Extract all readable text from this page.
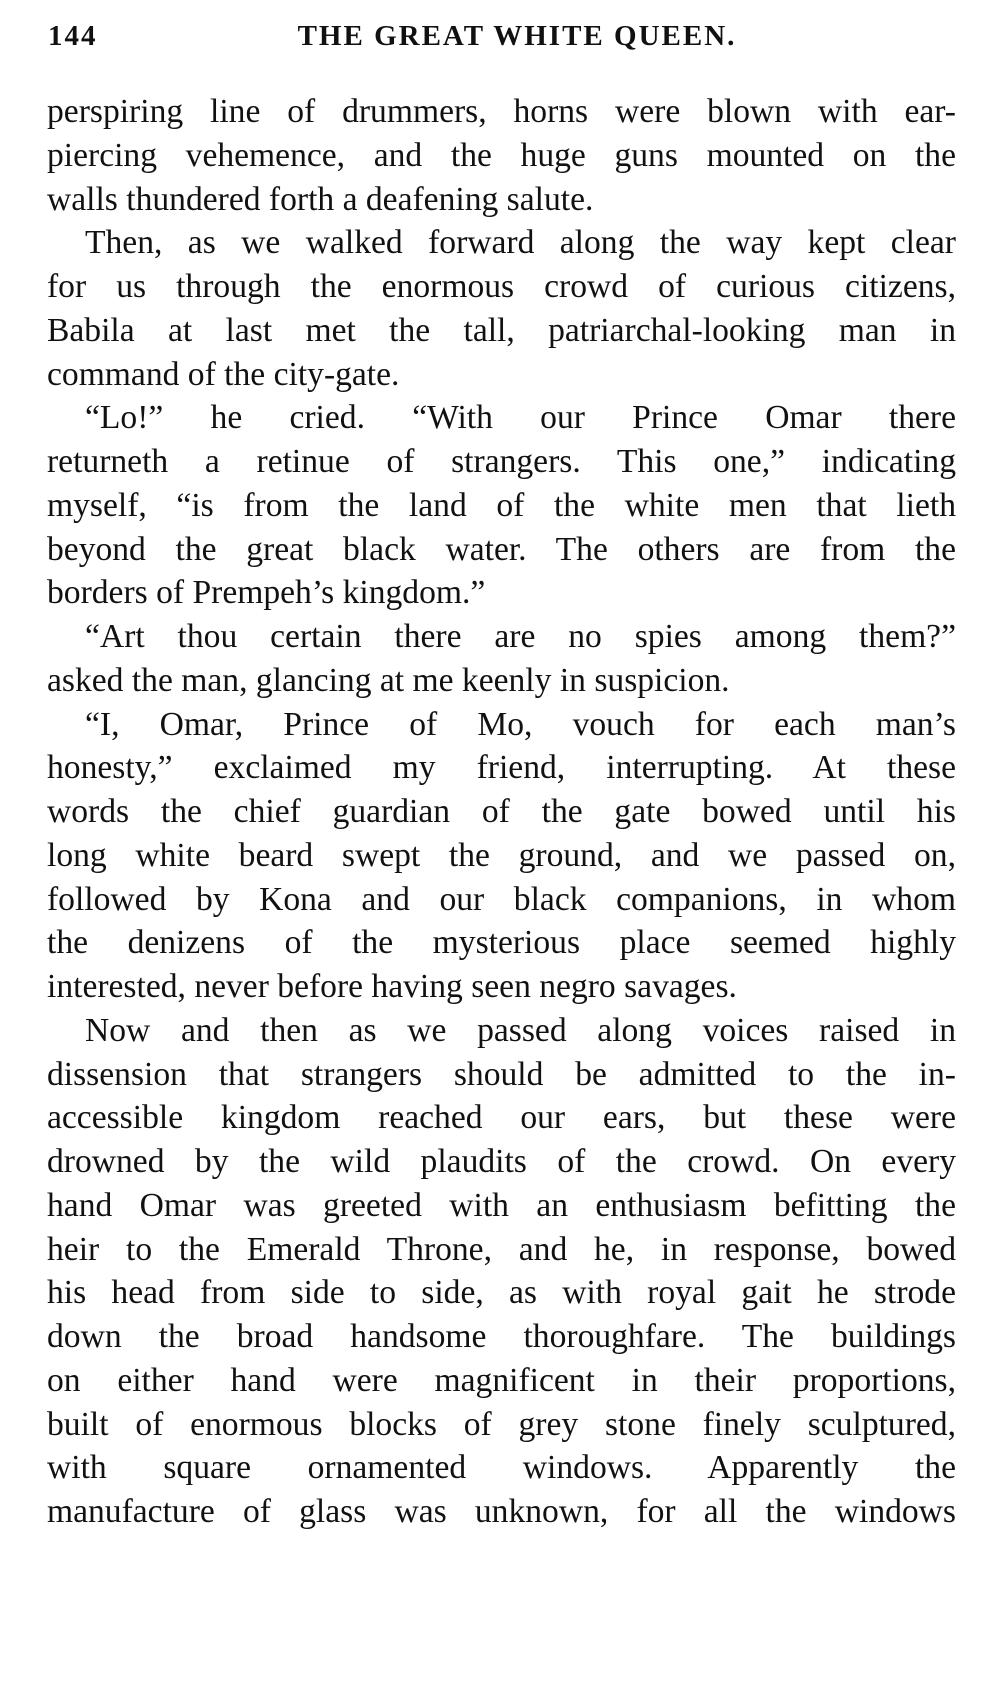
144	THE GREAT WHITE QUEEN.

perspiring line of drummers, horns were blown with ear-
piercing vehemence, and the huge guns mounted on the
walls thundered forth a deafening salute.

Then, as we walked forward along the way kept clear
for us through the enormous crowd of curious citizens,
Babila at last met the tall, patriarchal-looking man in
command of the city-gate.

“Lo!” he cried. “With our Prince Omar there
returneth a retinue of strangers. This one,” indicating
myself, “is from the land of the white men that lieth
beyond the great black water. The others are from the
borders of Prempeh’s kingdom.”

“Art thou certain there are no spies among them?”
asked the man, glancing at me keenly in suspicion.

“I, Omar, Prince of Mo, vouch for each man’s
honesty,” exclaimed my friend, interrupting. At these
words the chief guardian of the gate bowed until his
long white beard swept the ground, and we passed on,
followed by Kona and our black companions, in whom
the denizens of the mysterious place seemed highly
interested, never before having seen negro savages.

Now and then as we passed along voices raised in
dissension that strangers should be admitted to the in-
accessible kingdom reached our ears, but these were
drowned by the wild plaudits of the crowd. On every
hand Omar was greeted with an enthusiasm befitting the
heir to the Emerald Throne, and he, in response, bowed
his head from side to side, as with royal gait he strode
down the broad handsome thoroughfare. The buildings
on either hand were magnificent in their proportions,
built of enormous blocks of grey stone finely sculptured,
with square ornamented windows. Apparently the
manufacture of glass was unknown, for all the windows
